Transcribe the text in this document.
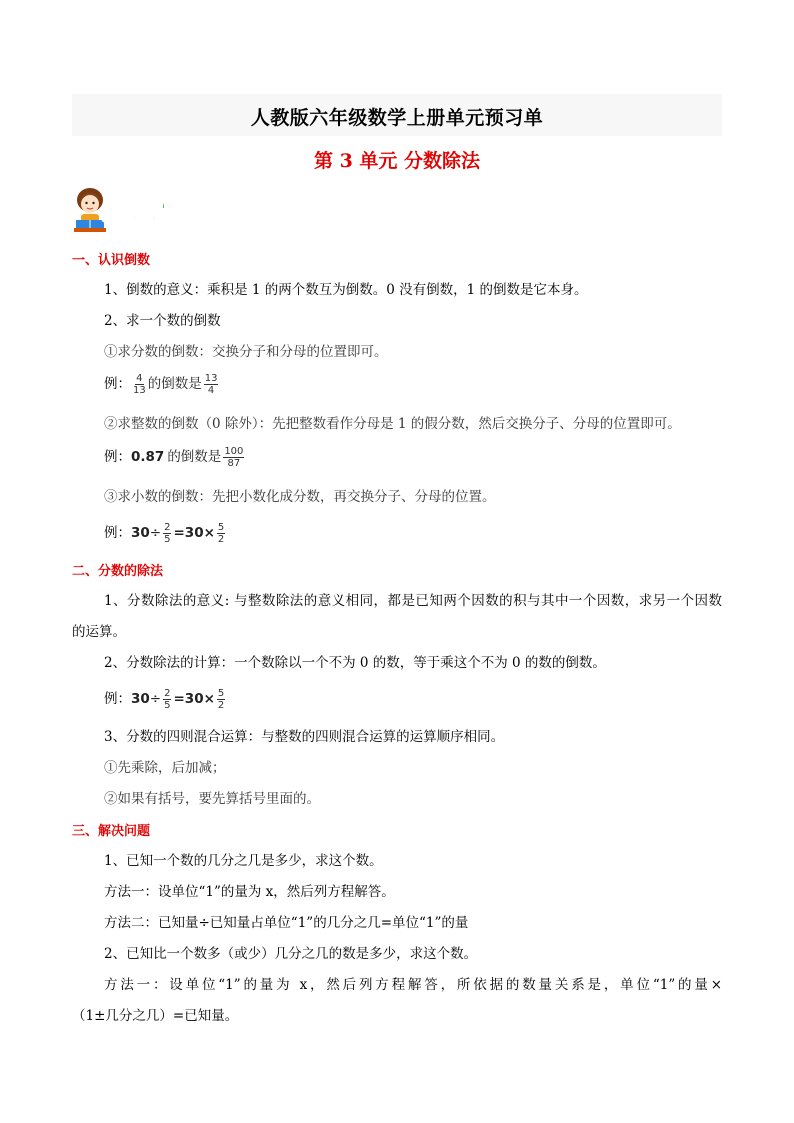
人教版六年级数学上册单元预习单
第 3 单元 分数除法
知识梳理
一、认识倒数
1、倒数的意义：乘积是 1 的两个数互为倒数。0 没有倒数，1 的倒数是它本身。
2、求一个数的倒数
①求分数的倒数：交换分子和分母的位置即可。
例： $\frac{4}{13}$ 的倒数是 $\frac{13}{4}$
②求整数的倒数（0 除外）：先把整数看作分母是 1 的假分数，然后交换分子、分母的位置即可。
例：0.87 的倒数是 $\frac{100}{87}$
③求小数的倒数：先把小数化成分数，再交换分子、分母的位置。
例：$30\div \frac{2}{5} =30\times \frac{5}{2}$
二、分数的除法
1、分数除法的意义: 与整数除法的意义相同，都是已知两个因数的积与其中一个因数，求另一个因数
的运算。
2、分数除法的计算：一个数除以一个不为 0 的数，等于乘这个不为 0 的数的倒数。
例：$30\div \frac{2}{5} =30\times \frac{5}{2}$
3、分数的四则混合运算：与整数的四则混合运算的运算顺序相同。
①先乘除，后加减；
②如果有括号，要先算括号里面的。
三、解决问题
1、已知一个数的几分之几是多少，求这个数。
方法一：设单位“1”的量为 x，然后列方程解答。
方法二：已知量÷已知量占单位“1”的几分之几=单位“1”的量
2、已知比一个数多（或少）几分之几的数是多少，求这个数。
方法一：设单位“1”的量为 x，然后列方程解答，所依据的数量关系是，单位“1”的量×
（1±几分之几）=已知量。
